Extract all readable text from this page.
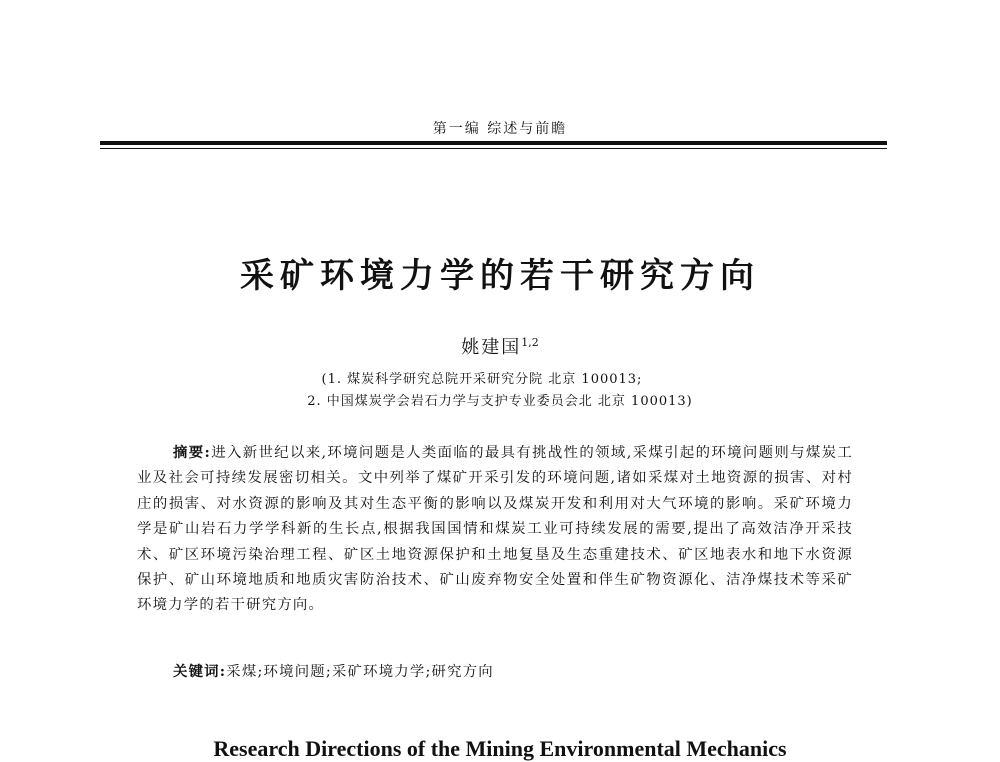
第一编 综述与前瞻
采矿环境力学的若干研究方向
姚建国$^{1,2}$
(1. 煤炭科学研究总院开采研究分院 北京 100013;
2. 中国煤炭学会岩石力学与支护专业委员会北 北京 100013)

摘要:进入新世纪以来,环境问题是人类面临的最具有挑战性的领域,采煤引起的环境问题则与煤炭工业及社会可持续发展密切相关。文中列举了煤矿开采引发的环境问题,诸如采煤对土地资源的损害、对村庄的损害、对水资源的影响及其对生态平衡的影响以及煤炭开发和利用对大气环境的影响。采矿环境力学是矿山岩石力学学科新的生长点,根据我国国情和煤炭工业可持续发展的需要,提出了高效洁净开采技术、矿区环境污染治理工程、矿区土地资源保护和土地复垦及生态重建技术、矿区地表水和地下水资源保护、矿山环境地质和地质灾害防治技术、矿山废弃物安全处置和伴生矿物资源化、洁净煤技术等采矿环境力学的若干研究方向。

关键词:采煤;环境问题;采矿环境力学;研究方向

Research Directions of the Mining Environmental Mechanics
